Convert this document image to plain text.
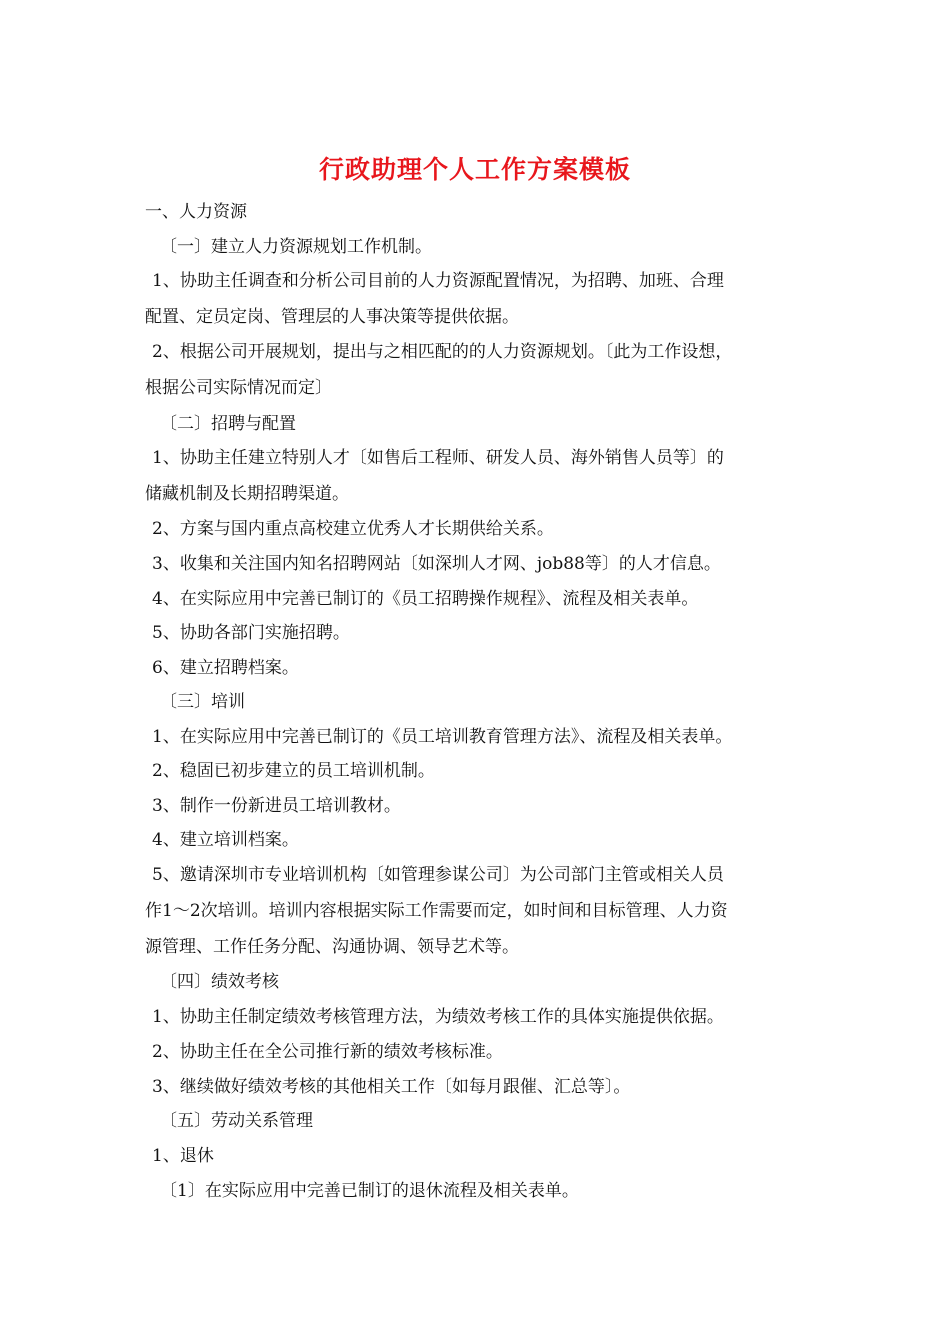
行政助理个人工作方案模板
一、人力资源
〔一〕建立人力资源规划工作机制。
1、协助主任调查和分析公司目前的人力资源配置情况，为招聘、加班、合理
配置、定员定岗、管理层的人事决策等提供依据。
2、根据公司开展规划，提出与之相匹配的的人力资源规划。〔此为工作设想，
根据公司实际情况而定〕
〔二〕招聘与配置
1、协助主任建立特别人才〔如售后工程师、研发人员、海外销售人员等〕的
储藏机制及长期招聘渠道。
2、方案与国内重点高校建立优秀人才长期供给关系。
3、收集和关注国内知名招聘网站〔如深圳人才网、job88等〕的人才信息。
4、在实际应用中完善已制订的《员工招聘操作规程》、流程及相关表单。
5、协助各部门实施招聘。
6、建立招聘档案。
〔三〕培训
1、在实际应用中完善已制订的《员工培训教育管理方法》、流程及相关表单。
2、稳固已初步建立的员工培训机制。
3、制作一份新进员工培训教材。
4、建立培训档案。
5、邀请深圳市专业培训机构〔如管理参谋公司〕为公司部门主管或相关人员
作1～2次培训。培训内容根据实际工作需要而定，如时间和目标管理、人力资
源管理、工作任务分配、沟通协调、领导艺术等。
〔四〕绩效考核
1、协助主任制定绩效考核管理方法，为绩效考核工作的具体实施提供依据。
2、协助主任在全公司推行新的绩效考核标准。
3、继续做好绩效考核的其他相关工作〔如每月跟催、汇总等〕。
〔五〕劳动关系管理
1、退休
〔1〕在实际应用中完善已制订的退休流程及相关表单。
